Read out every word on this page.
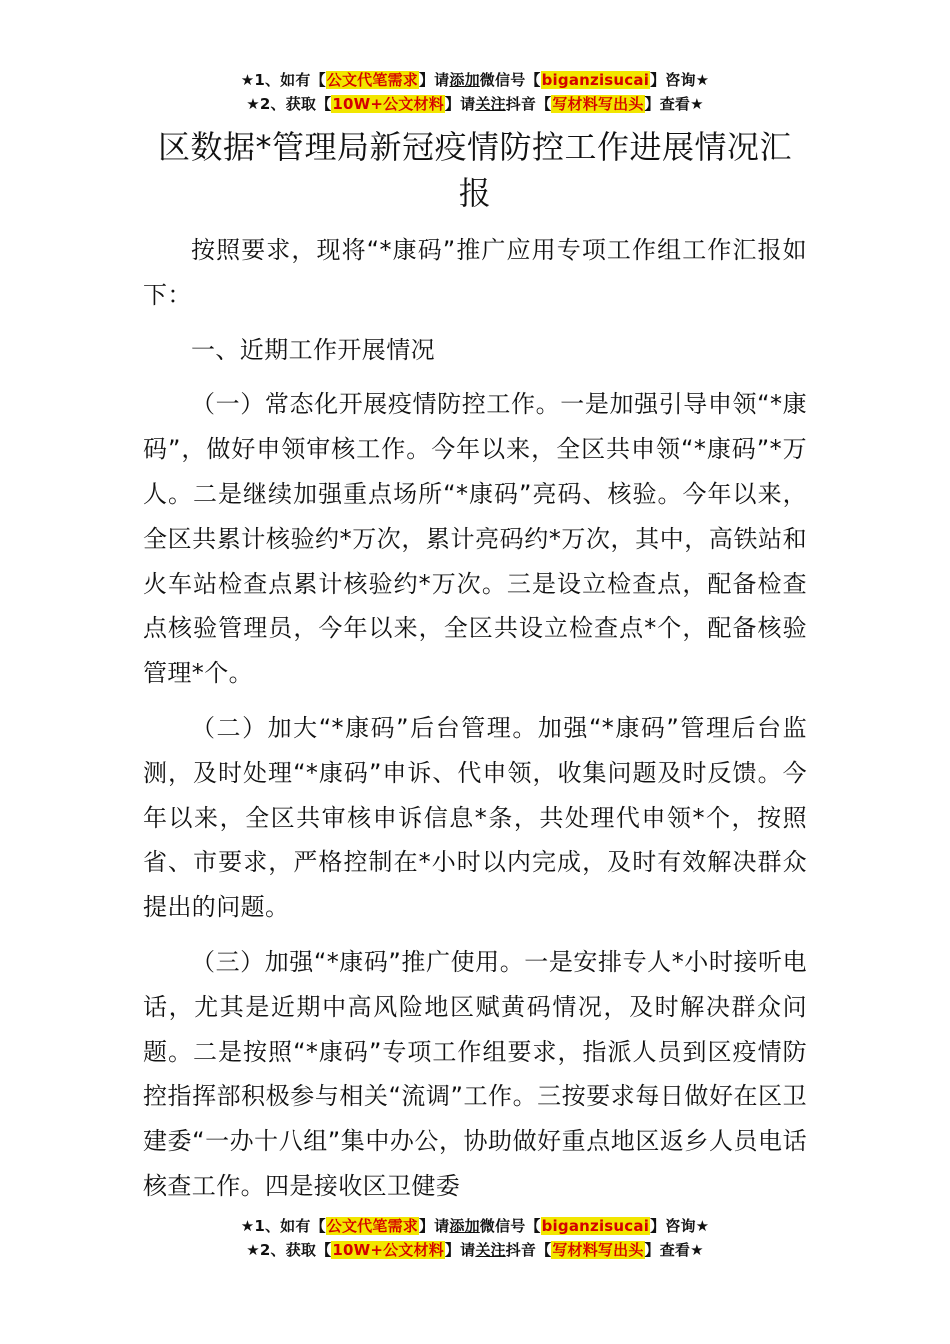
★1、如有【公文代笔需求】请添加微信号【biganzisucai】咨询★
★2、获取【10W+公文材料】请关注抖音【写材料写出头】查看★
区数据*管理局新冠疫情防控工作进展情况汇报

按照要求，现将“*康码”推广应用专项工作组工作汇报如下：

一、近期工作开展情况

（一）常态化开展疫情防控工作。一是加强引导申领“*康码”，做好申领审核工作。今年以来，全区共申领“*康码”*万人。二是继续加强重点场所“*康码”亮码、核验。今年以来，全区共累计核验约*万次，累计亮码约*万次，其中，高铁站和火车站检查点累计核验约*万次。三是设立检查点，配备检查点核验管理员，今年以来，全区共设立检查点*个，配备核验管理*个。

（二）加大“*康码”后台管理。加强“*康码”管理后台监测，及时处理“*康码”申诉、代申领，收集问题及时反馈。今年以来，全区共审核申诉信息*条，共处理代申领*个，按照省、市要求，严格控制在*小时以内完成，及时有效解决群众提出的问题。

（三）加强“*康码”推广使用。一是安排专人*小时接听电话，尤其是近期中高风险地区赋黄码情况，及时解决群众问题。二是按照“*康码”专项工作组要求，指派人员到区疫情防控指挥部积极参与相关“流调”工作。三按要求每日做好在区卫建委“一办十八组”集中办公，协助做好重点地区返乡人员电话核查工作。四是接收区卫健委

★1、如有【公文代笔需求】请添加微信号【biganzisucai】咨询★
★2、获取【10W+公文材料】请关注抖音【写材料写出头】查看★
